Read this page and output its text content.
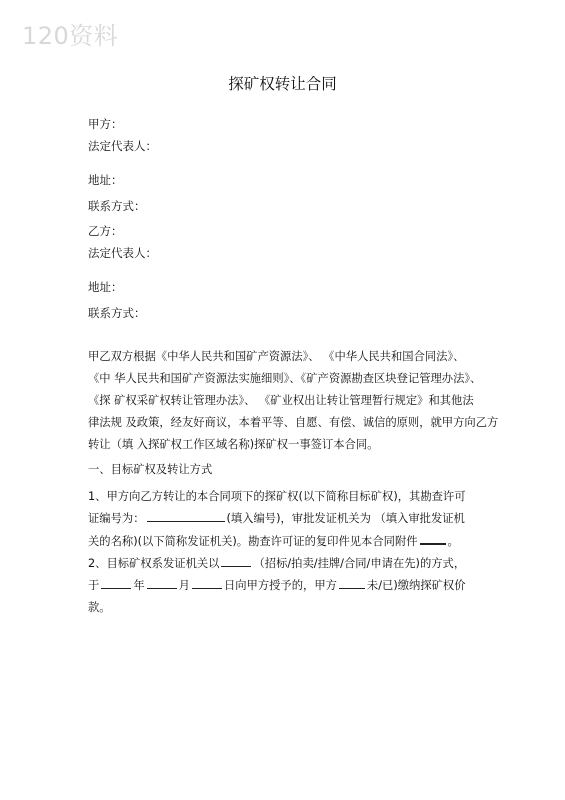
120资料
探矿权转让合同
甲方：
法定代表人：
地址：
联系方式：
乙方：
法定代表人：
地址：
联系方式：
甲乙双方根据《中华人民共和国矿产资源法》、 《中华人民共和国合同法》、
《中 华人民共和国矿产资源法实施细则》、《矿产资源勘查区块登记管理办法》、
《探 矿权采矿权转让管理办法》、 《矿业权出让转让管理暂行规定》和其他法
律法规 及政策，经友好商议，本着平等、自愿、有偿、诚信的原则，就甲方向乙方
转让（填 入探矿权工作区域名称)探矿权一事签订本合同。
一、目标矿权及转让方式
1、甲方向乙方转让的本合同项下的探矿权(以下简称目标矿权)，其勘查许可
证编号为：	(填入编号)，审批发证机关为 （填入审批发证机
关的名称)(以下简称发证机关)。勘查许可证的复印件见本合同附件	。
2、目标矿权系发证机关以	（招标/拍卖/挂牌/合同/申请在先)的方式，
于	年	月	日向甲方授予的，甲方	未/已)缴纳探矿权价
款。
